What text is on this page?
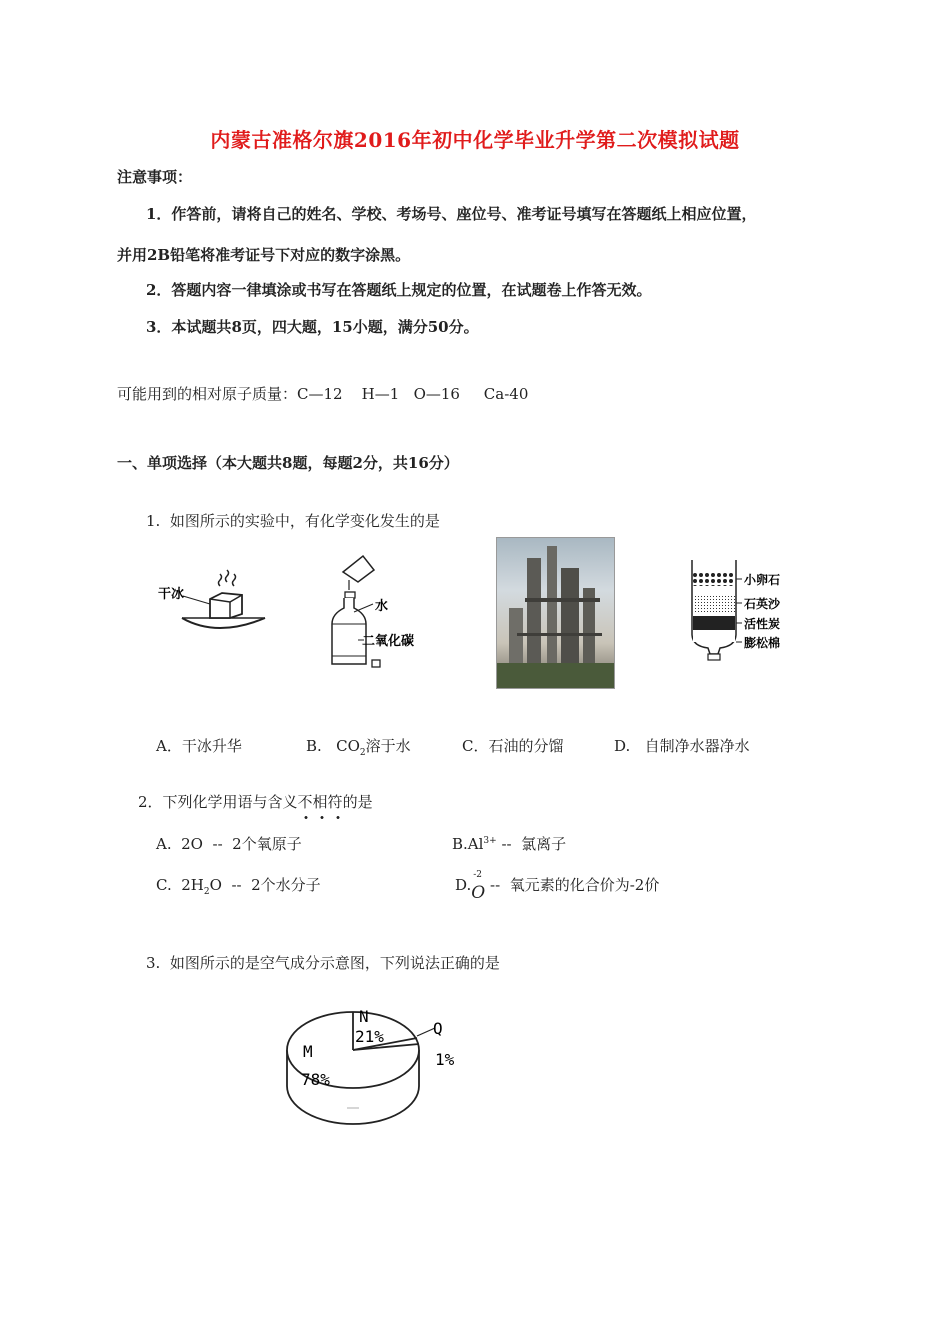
内蒙古准格尔旗2016年初中化学毕业升学第二次模拟试题
注意事项：
1．作答前，请将自己的姓名、学校、考场号、座位号、准考证号填写在答题纸上相应位置，
并用2B铅笔将准考证号下对应的数字涂黑。
2．答题内容一律填涂或书写在答题纸上规定的位置，在试题卷上作答无效。
3．本试题共8页，四大题，15小题，满分50分。
可能用到的相对原子质量：C—12    H—1   O—16     Ca-40
一、单项选择（本大题共8题，每题2分，共16分）
1.  如图所示的实验中，有化学变化发生的是
干冰
水
二氧化碳
小卵石
石英沙
活性炭
膨松棉
A．干冰升华	B.   $CO_2$溶于水	C．石油的分馏	D.   自制净水器净水
2．下列化学用语与含义不相符的是
A.  2O  --  2个氧原子	$B.Al^{3+}$ --  氯离子
C.  $2H_2O -- 2$个水分子	D.
-2
O --  氧元素的化合价为-2价
3.  如图所示的是空气成分示意图，下列说法正确的是
M
78%
N
21%	Q
1%
